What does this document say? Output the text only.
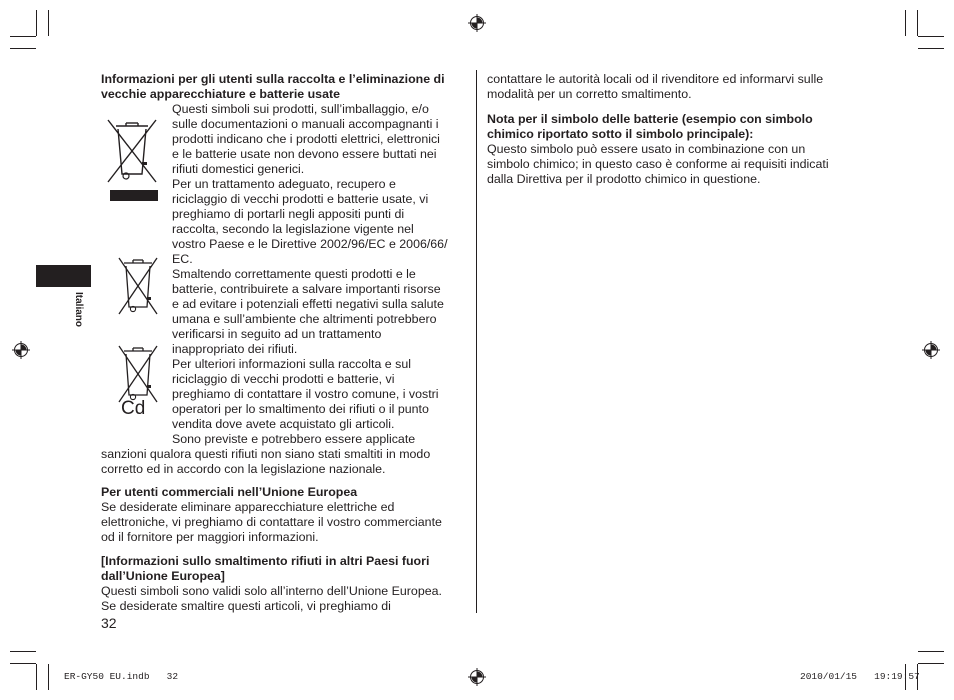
Italiano
Informazioni per gli utenti sulla raccolta e l’eliminazione di vecchie apparecchiature e batterie usate
Cd
Questi simboli sui prodotti, sull’imballaggio, e/o
sulle documentazioni o manuali accompagnanti i
prodotti indicano che i prodotti elettrici, elettronici
e le batterie usate non devono essere buttati nei
rifiuti domestici generici.
Per un trattamento adeguato, recupero e
riciclaggio di vecchi prodotti e batterie usate, vi
preghiamo di portarli negli appositi punti di
raccolta, secondo la legislazione vigente nel
vostro Paese e le Direttive 2002/96/EC e 2006/66/
EC.
Smaltendo correttamente questi prodotti e le
batterie, contribuirete a salvare importanti risorse
e ad evitare i potenziali effetti negativi sulla salute
umana e sull’ambiente che altrimenti potrebbero
verificarsi in seguito ad un trattamento
inappropriato dei rifiuti.
Per ulteriori informazioni sulla raccolta e sul
riciclaggio di vecchi prodotti e batterie, vi
preghiamo di contattare il vostro comune, i vostri
operatori per lo smaltimento dei rifiuti o il punto
vendita dove avete acquistato gli articoli.
Sono previste e potrebbero essere applicate
sanzioni qualora questi rifiuti non siano stati smaltiti in modo
corretto ed in accordo con la legislazione nazionale.
Per utenti commerciali nell’Unione Europea
Se desiderate eliminare apparecchiature elettriche ed
elettroniche, vi preghiamo di contattare il vostro commerciante
od il fornitore per maggiori informazioni.
[Informazioni sullo smaltimento rifiuti in altri Paesi fuori
dall’Unione Europea]
Questi simboli sono validi solo all’interno dell’Unione Europea.
Se desiderate smaltire questi articoli, vi preghiamo di
32
contattare le autorità locali od il rivenditore ed informarvi sulle
modalità per un corretto smaltimento.
Nota per il simbolo delle batterie (esempio con simbolo
chimico riportato sotto il simbolo principale):
Questo simbolo può essere usato in combinazione con un
simbolo chimico; in questo caso è conforme ai requisiti indicati
dalla Direttiva per il prodotto chimico in questione.
ER-GY50 EU.indb   32	2010/01/15   19:19:57
